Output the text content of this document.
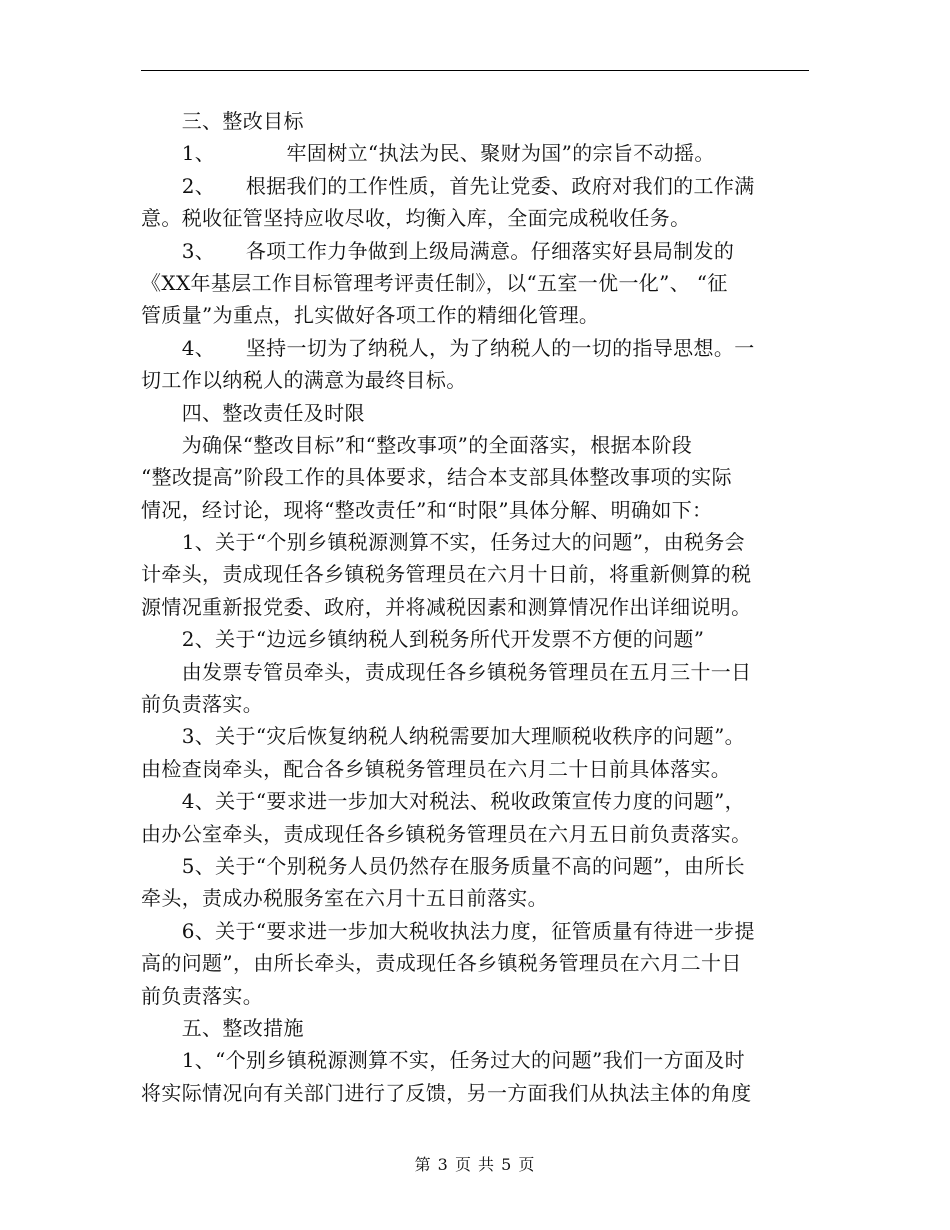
　　三、整改目标
　　1、　　　　牢固树立“执法为民、聚财为国”的宗旨不动摇。
　　2、　　根据我们的工作性质，首先让党委、政府对我们的工作满
意。税收征管坚持应收尽收，均衡入库，全面完成税收任务。
　　3、　　各项工作力争做到上级局满意。仔细落实好县局制发的
《XX年基层工作目标管理考评责任制》，以“五室一优一化”、 “征
管质量”为重点，扎实做好各项工作的精细化管理。
　　4、　　坚持一切为了纳税人，为了纳税人的一切的指导思想。一
切工作以纳税人的满意为最终目标。
　　四、整改责任及时限
　　为确保“整改目标”和“整改事项”的全面落实，根据本阶段
“整改提高”阶段工作的具体要求，结合本支部具体整改事项的实际
情况，经讨论，现将“整改责任”和“时限”具体分解、明确如下：
　　1、关于“个别乡镇税源测算不实，任务过大的问题”，由税务会
计牵头，责成现任各乡镇税务管理员在六月十日前，将重新侧算的税
源情况重新报党委、政府，并将减税因素和测算情况作出详细说明。
　　2、关于“边远乡镇纳税人到税务所代开发票不方便的问题”
　　由发票专管员牵头，责成现任各乡镇税务管理员在五月三十一日
前负责落实。
　　3、关于“灾后恢复纳税人纳税需要加大理顺税收秩序的问题”。
由检查岗牵头，配合各乡镇税务管理员在六月二十日前具体落实。
　　4、关于“要求进一步加大对税法、税收政策宣传力度的问题”，
由办公室牵头，责成现任各乡镇税务管理员在六月五日前负责落实。
　　5、关于“个别税务人员仍然存在服务质量不高的问题”，由所长
牵头，责成办税服务室在六月十五日前落实。
　　6、关于“要求进一步加大税收执法力度，征管质量有待进一步提
高的问题”，由所长牵头，责成现任各乡镇税务管理员在六月二十日
前负责落实。
　　五、整改措施
　　1、“个别乡镇税源测算不实，任务过大的问题”我们一方面及时
将实际情况向有关部门进行了反馈，另一方面我们从执法主体的角度
第 3 页 共 5 页
